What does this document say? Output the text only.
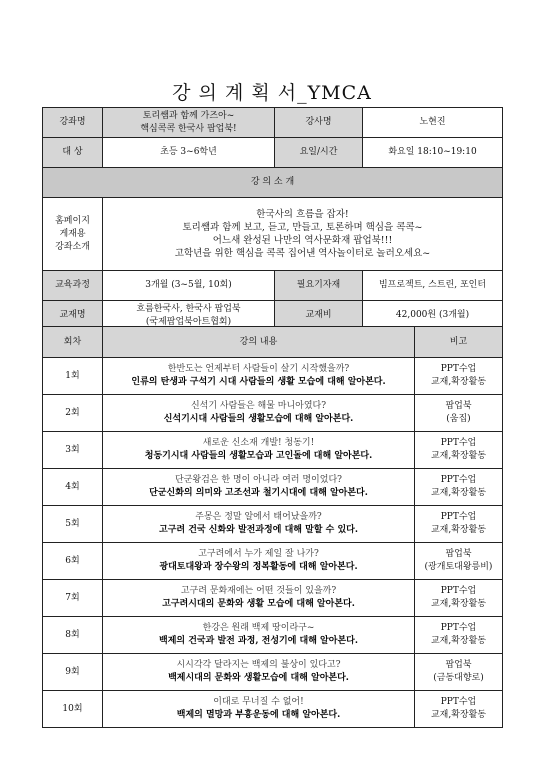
강 의 계 획 서_YMCA
강좌명	토리쌤과 함께 가즈아~
핵심콕콕 한국사 팝업북!	강사명	노현진
대 상	초등 3~6학년	요일/시간	화요일 18:10~19:10
강 의 소 개			

홈페이지
게재용
강좌소개	한국사의 흐름을 잡자!
토리쌤과 함께 보고, 듣고, 만들고, 토론하며 핵심을 콕콕~
어느새 완성된 나만의 역사문화재 팝업북!!!
고학년을 위한 핵심을 콕콕 집어낸 역사놀이터로 놀러오세요~		

교육과정	3개월 (3~5월, 10회)	필요기자재	빔프로젝트, 스트린, 포인터
교재명	흐름한국사, 한국사 팝업북
(국제팝업북아트협회)	교재비	42,000원 (3개월)
회차	강의 내용	비고
1회	한반도는 언제부터 사람들이 살기 시작했을까?
인류의 탄생과 구석기 시대 사람들의 생활 모습에 대해 알아본다.	PPT수업
교재,확장활동

2회	신석기 사람들은 해물 마니아였다?
신석기시대 사람들의 생활모습에 대해 알아본다.	팝업북
(움집)

3회	새로운 신소재 개발! 청동기!
청동기시대 사람들의 생활모습과 고인돌에 대해 알아본다.	PPT수업
교재,확장활동

4회	단군왕검은 한 명이 아니라 여러 명이었다?
단군신화의 의미와 고조선과 철기시대에 대해 알아본다.	PPT수업
교재,확장활동

5회	주몽은 정말 알에서 태어났을까?
고구려 건국 신화와 발전과정에 대해 말할 수 있다.	PPT수업
교재,확장활동

6회	고구려에서 누가 제일 잘 나가?
광대토대왕과 장수왕의 정복활동에 대해 알아본다.	팝업북
(광개토대왕릉비)

7회	고구려 문화재에는 어떤 것들이 있을까?
고구려시대의 문화와 생활 모습에 대해 알아본다.	PPT수업
교재,확장활동

8회	한강은 원래 백제 땅이라구~
백제의 건국과 발전 과정, 전성기에 대해 알아본다.	PPT수업
교재,확장활동

9회	시시각각 달라지는 백제의 불상이 있다고?
백제시대의 문화와 생활모습에 대해 알아본다.	팝업북
(금동대향로)

10회	이대로 무너질 수 없어!
백제의 멸망과 부흥운동에 대해 알아본다.	PPT수업
교재,확장활동
